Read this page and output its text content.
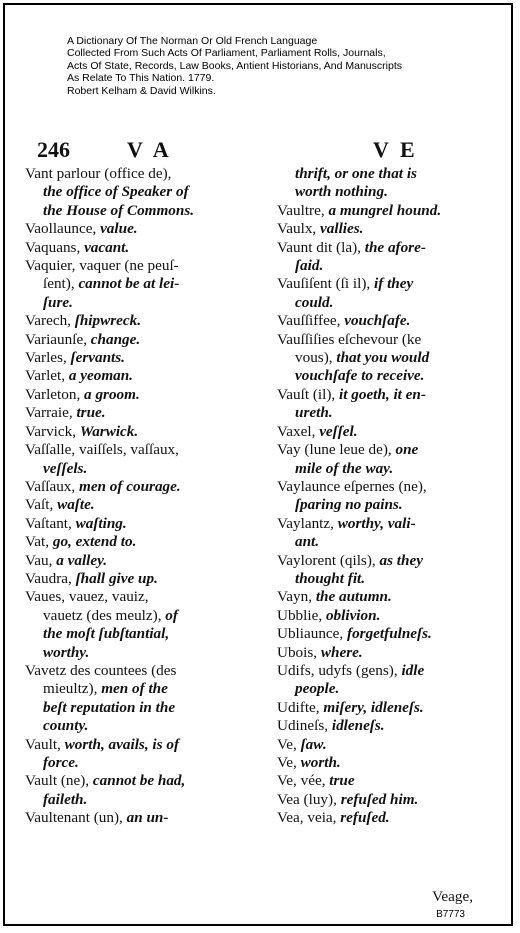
A Dictionary Of The Norman Or Old French Language
Collected From Such Acts Of Parliament, Parliament Rolls, Journals,
Acts Of State, Records, Law Books, Antient Historians, And Manuscripts
As Relate To This Nation. 1779.
Robert Kelham & David Wilkins.
246	V A	V E
Vant parlour (office de),
the office of Speaker of
the House of Commons.
Vaollaunce, value.
Vaquans, vacant.
Vaquier, vaquer (ne peuſ-
ſent), cannot be at lei-
ſure.
Varech, ſhipwreck.
Variaunſe, change.
Varles, ſervants.
Varlet, a yeoman.
Varleton, a groom.
Varraie, true.
Varvick, Warwick.
Vaſſalle, vaiſſels, vaſſaux,
veſſels.
Vaſſaux, men of courage.
Vaſt, waſte.
Vaſtant, waſting.
Vat, go, extend to.
Vau, a valley.
Vaudra, ſhall give up.
Vaues, vauez, vauiz,
vauetz (des meulz), of
the moſt ſubſtantial,
worthy.
Vavetz des countees (des
mieultz), men of the
beſt reputation in the
county.
Vault, worth, avails, is of
force.
Vault (ne), cannot be had,
faileth.
Vaultenant (un), an un-
thrift, or one that is
worth nothing.
Vaultre, a mungrel hound.
Vaulx, vallies.
Vaunt dit (la), the afore-
ſaid.
Vauſiſent (ſi il), if they
could.
Vauſſiffee, vouchſafe.
Vauſſiſies eſchevour (ke
vous), that you would
vouchſafe to receive.
Vauſt (il), it goeth, it en-
ureth.
Vaxel, veſſel.
Vay (lune leue de), one
mile of the way.
Vaylaunce eſpernes (ne),
ſparing no pains.
Vaylantz, worthy, vali-
ant.
Vaylorent (qils), as they
thought fit.
Vayn, the autumn.
Ubblie, oblivion.
Ubliaunce, forgetfulneſs.
Ubois, where.
Udifs, udyfs (gens), idle
people.
Udifte, miſery, idleneſs.
Udineſs, idleneſs.
Ve, ſaw.
Ve, worth.
Ve, vée, true
Vea (luy), refuſed him.
Vea, veia, refuſed.
Veage,
B7773
